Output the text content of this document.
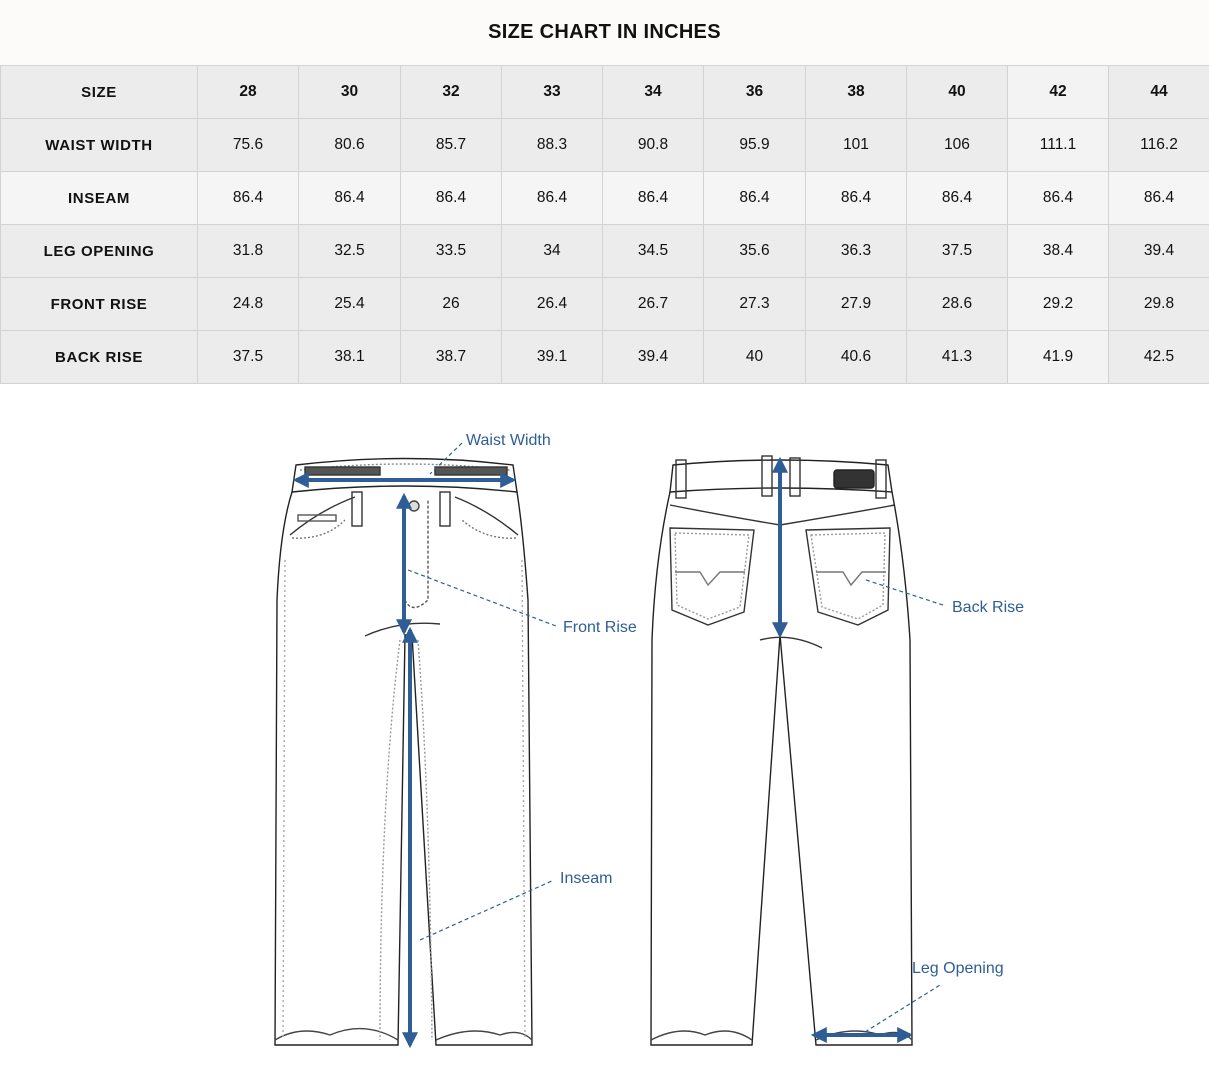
SIZE CHART IN INCHES
SIZE	28	30	32	33	34	36	38	40	42	44
WAIST WIDTH	75.6	80.6	85.7	88.3	90.8	95.9	101	106	111.1	116.2
INSEAM	86.4	86.4	86.4	86.4	86.4	86.4	86.4	86.4	86.4	86.4
LEG OPENING	31.8	32.5	33.5	34	34.5	35.6	36.3	37.5	38.4	39.4
FRONT RISE	24.8	25.4	26	26.4	26.7	27.3	27.9	28.6	29.2	29.8
BACK RISE	37.5	38.1	38.7	39.1	39.4	40	40.6	41.3	41.9	42.5
Waist Width
Front Rise
Inseam
Back Rise
Leg Opening
